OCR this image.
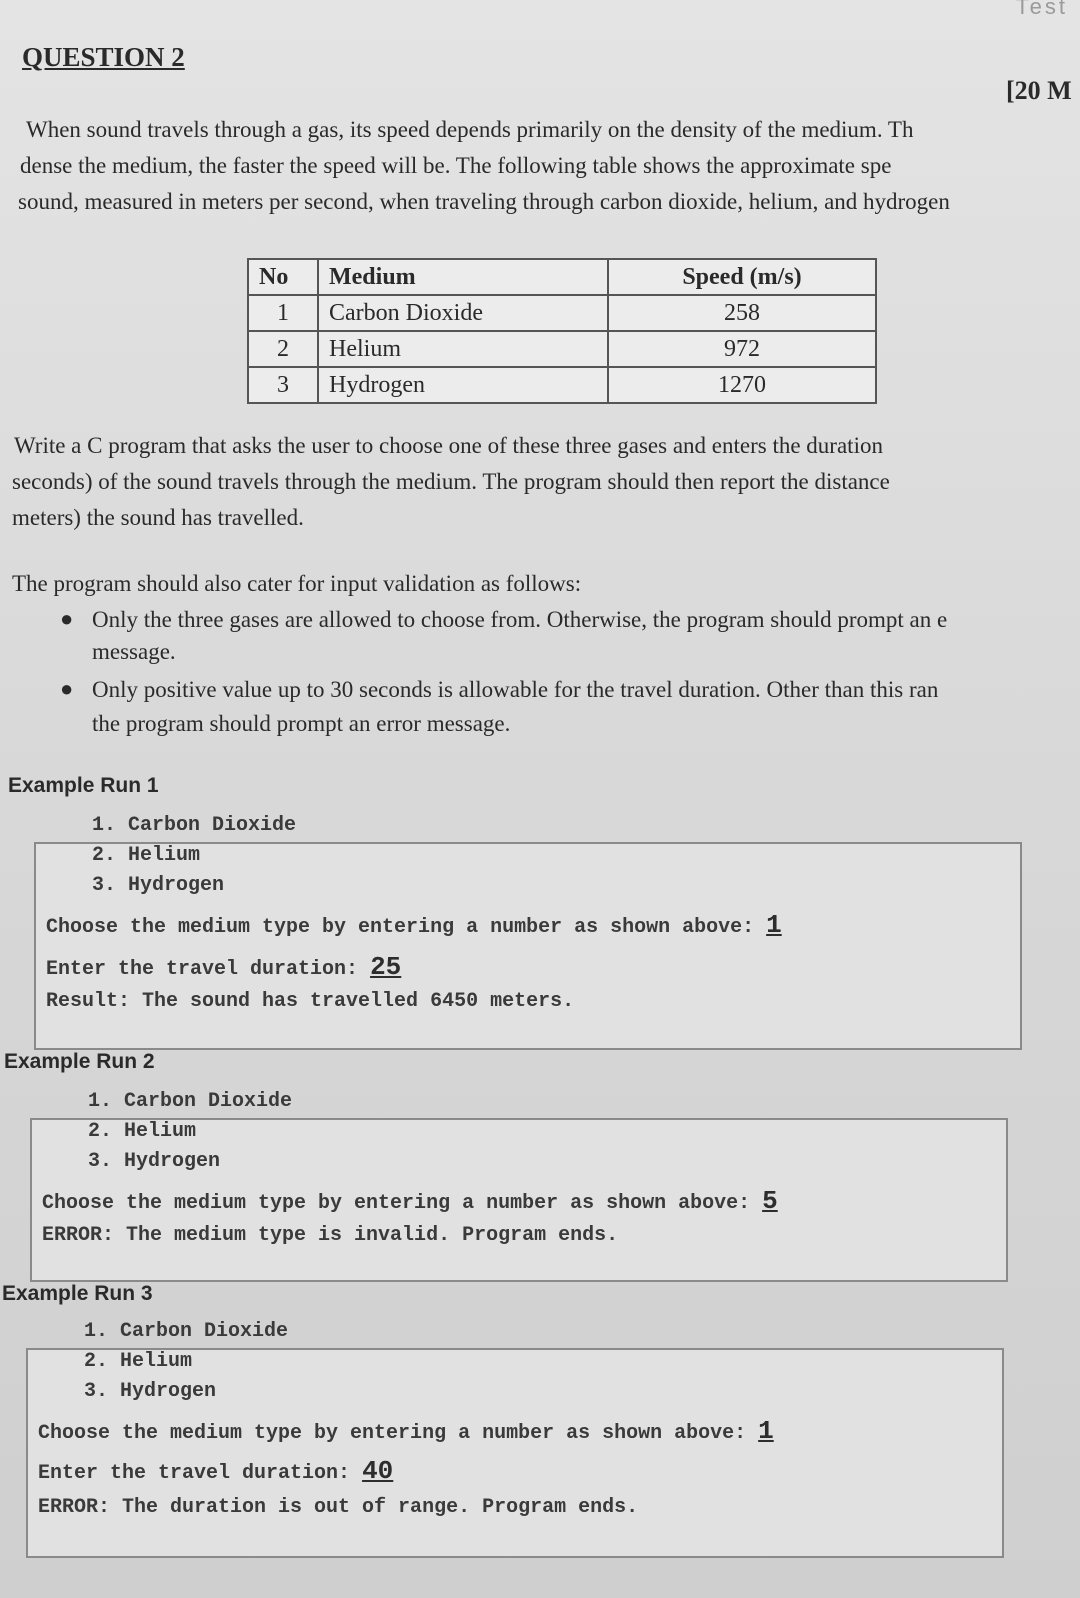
Test
QUESTION 2
[20 M
When sound travels through a gas, its speed depends primarily on the density of the medium. Th
dense the medium, the faster the speed will be. The following table shows the approximate spe
sound, measured in meters per second, when traveling through carbon dioxide, helium, and hydrogen
No	Medium	Speed (m/s)
1	Carbon Dioxide	258
2	Helium	972
3	Hydrogen	1270
Write a C program that asks the user to choose one of these three gases and enters the duration
seconds) of the sound travels through the medium. The program should then report the distance
meters) the sound has travelled.
The program should also cater for input validation as follows:
● Only the three gases are allowed to choose from. Otherwise, the program should prompt an e
message.
● Only positive value up to 30 seconds is allowable for the travel duration. Other than this ran
the program should prompt an error message.
Example Run 1
1. Carbon Dioxide
2. Helium
3. Hydrogen
Choose the medium type by entering a number as shown above: 1
Enter the travel duration: 25
Result: The sound has travelled 6450 meters.
Example Run 2
1. Carbon Dioxide
2. Helium
3. Hydrogen
Choose the medium type by entering a number as shown above: 5
ERROR: The medium type is invalid. Program ends.
Example Run 3
1. Carbon Dioxide
2. Helium
3. Hydrogen
Choose the medium type by entering a number as shown above: 1
Enter the travel duration: 40
ERROR: The duration is out of range. Program ends.
